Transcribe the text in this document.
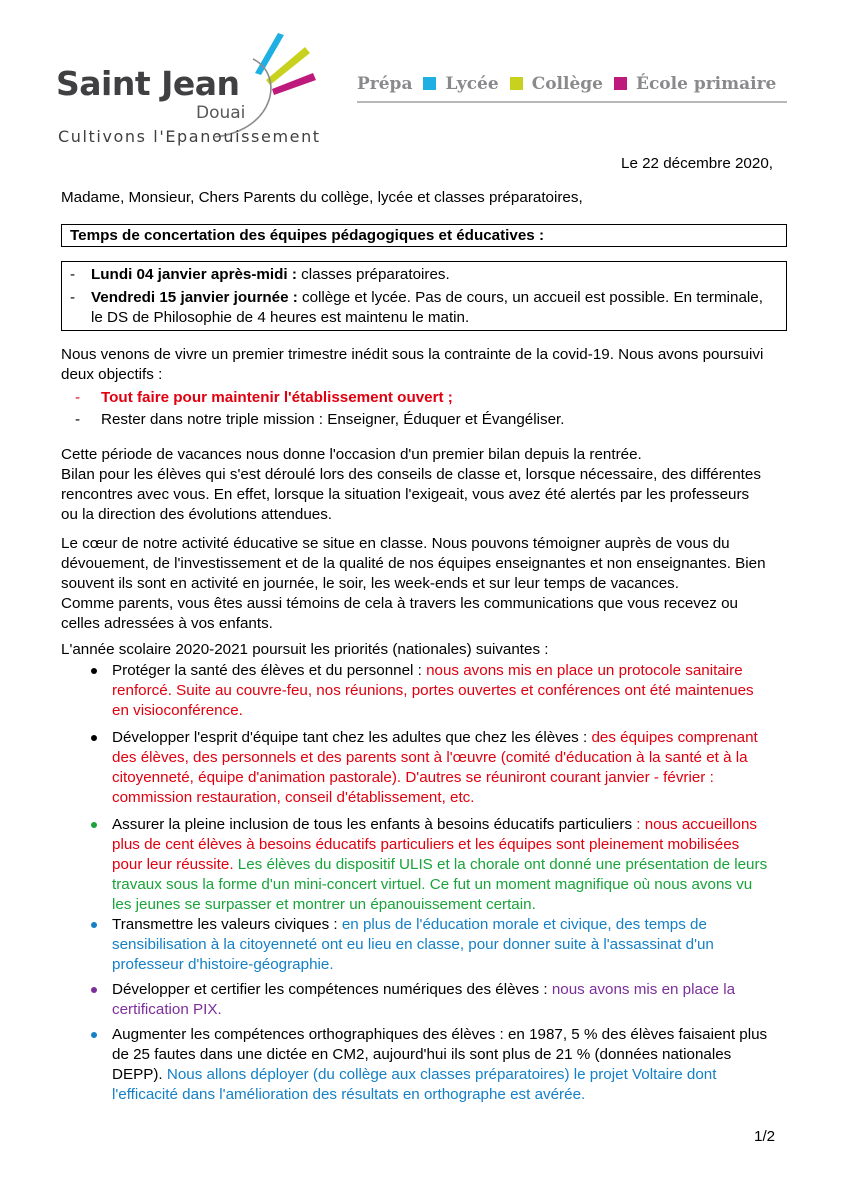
Saint Jean
Douai
Cultivons l'Epanouissement
Prépa Lycée Collège École primaire
Le 22 décembre 2020,
Madame, Monsieur, Chers Parents du collège, lycée et classes préparatoires,
Temps de concertation des équipes pédagogiques et éducatives :
- Lundi 04 janvier après-midi : classes préparatoires.
- Vendredi 15 janvier journée : collège et lycée. Pas de cours, un accueil est possible. En terminale,
le DS de Philosophie de 4 heures est maintenu le matin.
Nous venons de vivre un premier trimestre inédit sous la contrainte de la covid-19. Nous avons poursuivi
deux objectifs :
- Tout faire pour maintenir l'établissement ouvert ;
- Rester dans notre triple mission : Enseigner, Éduquer et Évangéliser.
Cette période de vacances nous donne l'occasion d'un premier bilan depuis la rentrée.
Bilan pour les élèves qui s'est déroulé lors des conseils de classe et, lorsque nécessaire, des différentes
rencontres avec vous. En effet, lorsque la situation l'exigeait, vous avez été alertés par les professeurs
ou la direction des évolutions attendues.
Le cœur de notre activité éducative se situe en classe. Nous pouvons témoigner auprès de vous du
dévouement, de l'investissement et de la qualité de nos équipes enseignantes et non enseignantes. Bien
souvent ils sont en activité en journée, le soir, les week-ends et sur leur temps de vacances.
Comme parents, vous êtes aussi témoins de cela à travers les communications que vous recevez ou
celles adressées à vos enfants.
L'année scolaire 2020-2021 poursuit les priorités (nationales) suivantes :
Protéger la santé des élèves et du personnel : nous avons mis en place un protocole sanitaire
renforcé. Suite au couvre-feu, nos réunions, portes ouvertes et conférences ont été maintenues
en visioconférence.
Développer l'esprit d'équipe tant chez les adultes que chez les élèves : des équipes comprenant
des élèves, des personnels et des parents sont à l'œuvre (comité d'éducation à la santé et à la
citoyenneté, équipe d'animation pastorale). D'autres se réuniront courant janvier - février :
commission restauration, conseil d'établissement, etc.
Assurer la pleine inclusion de tous les enfants à besoins éducatifs particuliers : nous accueillons
plus de cent élèves à besoins éducatifs particuliers et les équipes sont pleinement mobilisées
pour leur réussite. Les élèves du dispositif ULIS et la chorale ont donné une présentation de leurs
travaux sous la forme d'un mini-concert virtuel. Ce fut un moment magnifique où nous avons vu
les jeunes se surpasser et montrer un épanouissement certain.
Transmettre les valeurs civiques : en plus de l'éducation morale et civique, des temps de
sensibilisation à la citoyenneté ont eu lieu en classe, pour donner suite à l'assassinat d'un
professeur d'histoire-géographie.
Développer et certifier les compétences numériques des élèves : nous avons mis en place la
certification PIX.
Augmenter les compétences orthographiques des élèves : en 1987, 5 % des élèves faisaient plus
de 25 fautes dans une dictée en CM2, aujourd'hui ils sont plus de 21 % (données nationales
DEPP). Nous allons déployer (du collège aux classes préparatoires) le projet Voltaire dont
l'efficacité dans l'amélioration des résultats en orthographe est avérée.
1/2
